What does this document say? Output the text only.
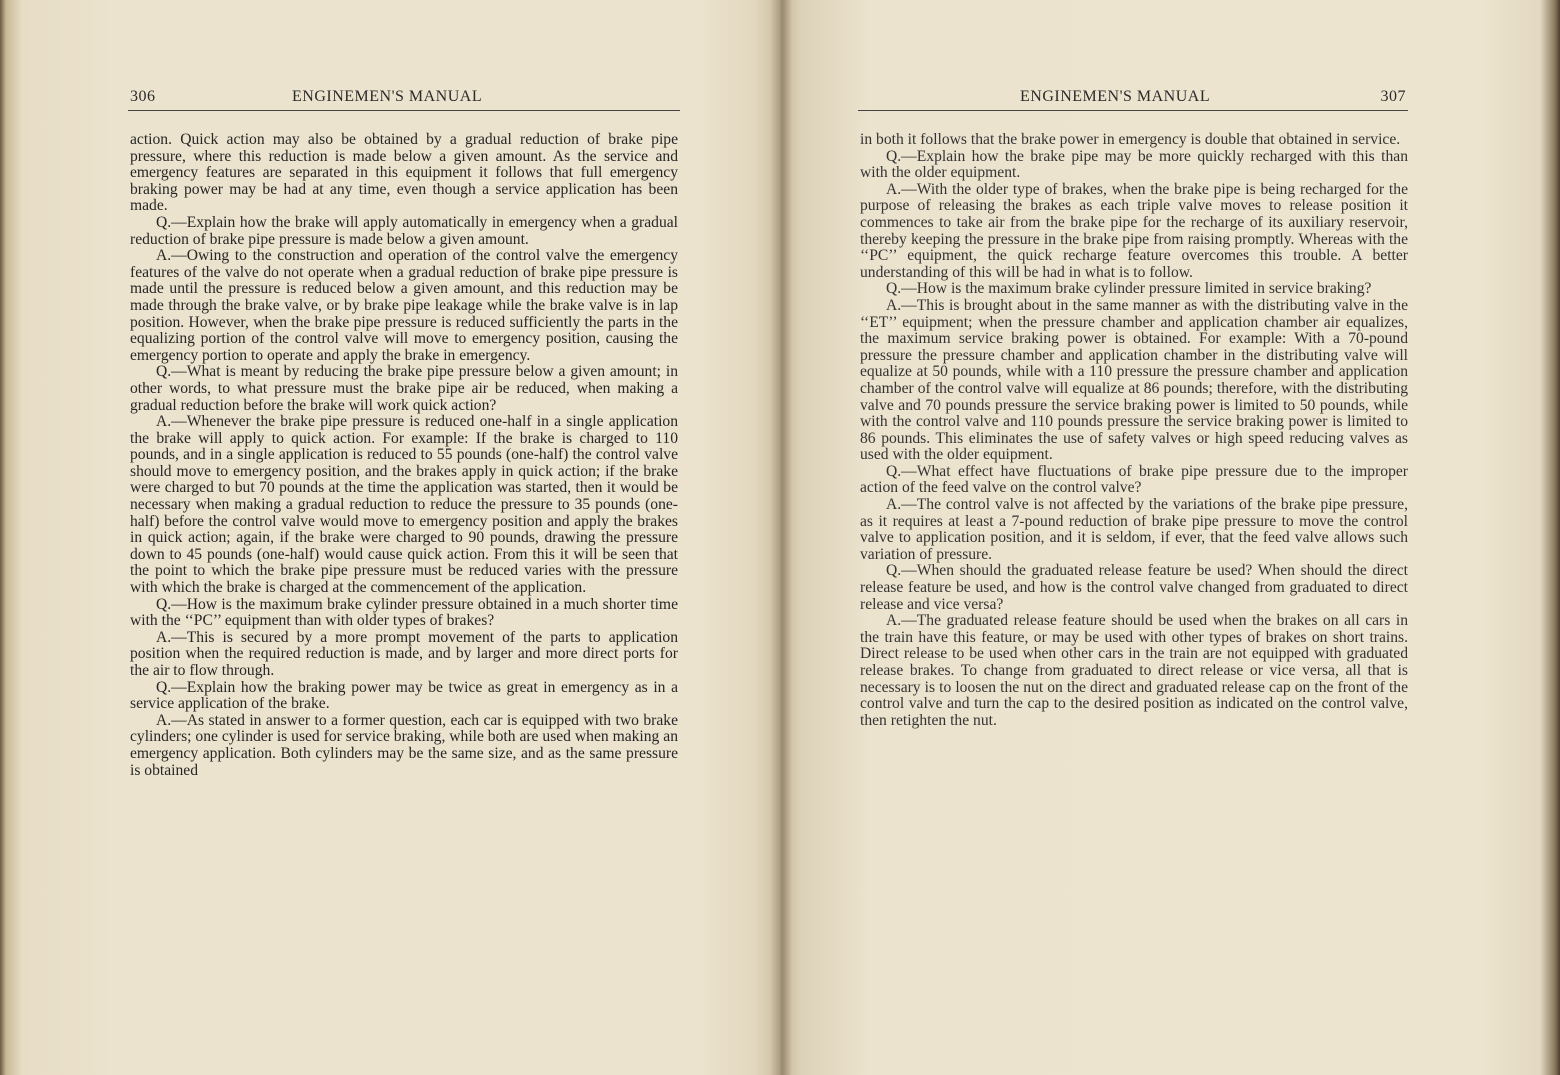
306	ENGINEMEN'S MANUAL

action. Quick action may also be obtained by a gradual reduction of brake pipe pressure, where this reduction is made below a given amount. As the service and emergency features are separated in this equipment it follows that full emergency braking power may be had at any time, even though a service application has been made.

Q.—Explain how the brake will apply automatically in emergency when a gradual reduction of brake pipe pressure is made below a given amount.

A.—Owing to the construction and operation of the control valve the emergency features of the valve do not operate when a gradual reduction of brake pipe pressure is made until the pressure is reduced below a given amount, and this reduction may be made through the brake valve, or by brake pipe leakage while the brake valve is in lap position. However, when the brake pipe pressure is reduced sufficiently the parts in the equalizing portion of the control valve will move to emergency position, causing the emergency portion to operate and apply the brake in emergency.

Q.—What is meant by reducing the brake pipe pressure below a given amount; in other words, to what pressure must the brake pipe air be reduced, when making a gradual reduction before the brake will work quick action?

A.—Whenever the brake pipe pressure is reduced one-half in a single application the brake will apply to quick action. For example: If the brake is charged to 110 pounds, and in a single application is reduced to 55 pounds (one-half) the control valve should move to emergency position, and the brakes apply in quick action; if the brake were charged to but 70 pounds at the time the application was started, then it would be necessary when making a gradual reduction to reduce the pressure to 35 pounds (one-half) before the control valve would move to emergency position and apply the brakes in quick action; again, if the brake were charged to 90 pounds, drawing the pressure down to 45 pounds (one-half) would cause quick action. From this it will be seen that the point to which the brake pipe pressure must be reduced varies with the pressure with which the brake is charged at the commencement of the application.

Q.—How is the maximum brake cylinder pressure obtained in a much shorter time with the ‘‘PC’’ equipment than with older types of brakes?

A.—This is secured by a more prompt movement of the parts to application position when the required reduction is made, and by larger and more direct ports for the air to flow through.

Q.—Explain how the braking power may be twice as great in emergency as in a service application of the brake.

A.—As stated in answer to a former question, each car is equipped with two brake cylinders; one cylinder is used for service braking, while both are used when making an emergency application. Both cylinders may be the same size, and as the same pressure is obtained

ENGINEMEN'S MANUAL	307

in both it follows that the brake power in emergency is double that obtained in service.

Q.—Explain how the brake pipe may be more quickly recharged with this than with the older equipment.

A.—With the older type of brakes, when the brake pipe is being recharged for the purpose of releasing the brakes as each triple valve moves to release position it commences to take air from the brake pipe for the recharge of its auxiliary reservoir, thereby keeping the pressure in the brake pipe from raising promptly. Whereas with the ‘‘PC’’ equipment, the quick recharge feature overcomes this trouble. A better understanding of this will be had in what is to follow.

Q.—How is the maximum brake cylinder pressure limited in service braking?

A.—This is brought about in the same manner as with the distributing valve in the ‘‘ET’’ equipment; when the pressure chamber and application chamber air equalizes, the maximum service braking power is obtained. For example: With a 70-pound pressure the pressure chamber and application chamber in the distributing valve will equalize at 50 pounds, while with a 110 pressure the pressure chamber and application chamber of the control valve will equalize at 86 pounds; therefore, with the distributing valve and 70 pounds pressure the service braking power is limited to 50 pounds, while with the control valve and 110 pounds pressure the service braking power is limited to 86 pounds. This eliminates the use of safety valves or high speed reducing valves as used with the older equipment.

Q.—What effect have fluctuations of brake pipe pressure due to the improper action of the feed valve on the control valve?

A.—The control valve is not affected by the variations of the brake pipe pressure, as it requires at least a 7-pound reduction of brake pipe pressure to move the control valve to application position, and it is seldom, if ever, that the feed valve allows such variation of pressure.

Q.—When should the graduated release feature be used? When should the direct release feature be used, and how is the control valve changed from graduated to direct release and vice versa?

A.—The graduated release feature should be used when the brakes on all cars in the train have this feature, or may be used with other types of brakes on short trains. Direct release to be used when other cars in the train are not equipped with graduated release brakes. To change from graduated to direct release or vice versa, all that is necessary is to loosen the nut on the direct and graduated release cap on the front of the control valve and turn the cap to the desired position as indicated on the control valve, then retighten the nut.
